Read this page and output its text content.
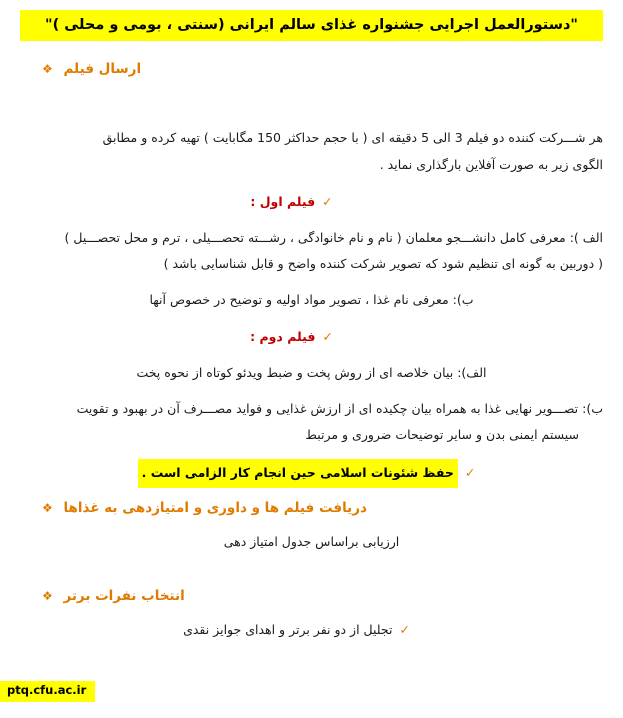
"دستورالعمل اجرایی جشنواره غذای سالم ایرانی (سنتی ، بومی و محلی )"
ارسال فیلم ❖
هر شـــرکت کننده دو فیلم 3 الی 5 دقیقه ای ( با حجم حداکثر 150 مگابایت ) تهیه کرده و مطابق
الگوی زیر به صورت آفلاین بارگذاری نماید .
✓
فیلم اول :
الف ): معرفی کامل دانشـــجو معلمان ( نام و نام خانوادگی ، رشـــته تحصـــیلی ، ترم و محل تحصـــیل )
( دوربین به گونه ای تنظیم شود که تصویر شرکت کننده واضح و قابل شناسایی باشد )
ب): معرفی نام غذا ، تصویر مواد اولیه و توضیح در خصوص آنها
✓
فیلم دوم :
الف): بیان خلاصه ای از روش پخت و ضبط ویدئو کوتاه از نحوه پخت
ب): تصـــویر نهایی غذا به همراه بیان چکیده ای از ارزش غذایی و فواید مصـــرف آن در بهبود و تقویت
سیستم ایمنی بدن و سایر توضیحات ضروری و مرتبط
✓
حفظ شئونات اسلامی حین انجام کار الزامی است .
دریافت فیلم ها و داوری و امتیازدهی به غذاها ❖
ارزیابی براساس جدول امتیاز دهی
انتخاب نفرات برتر ❖
✓
تجلیل از دو نفر برتر و اهدای جوایز نقدی
ptq.cfu.ac.ir
